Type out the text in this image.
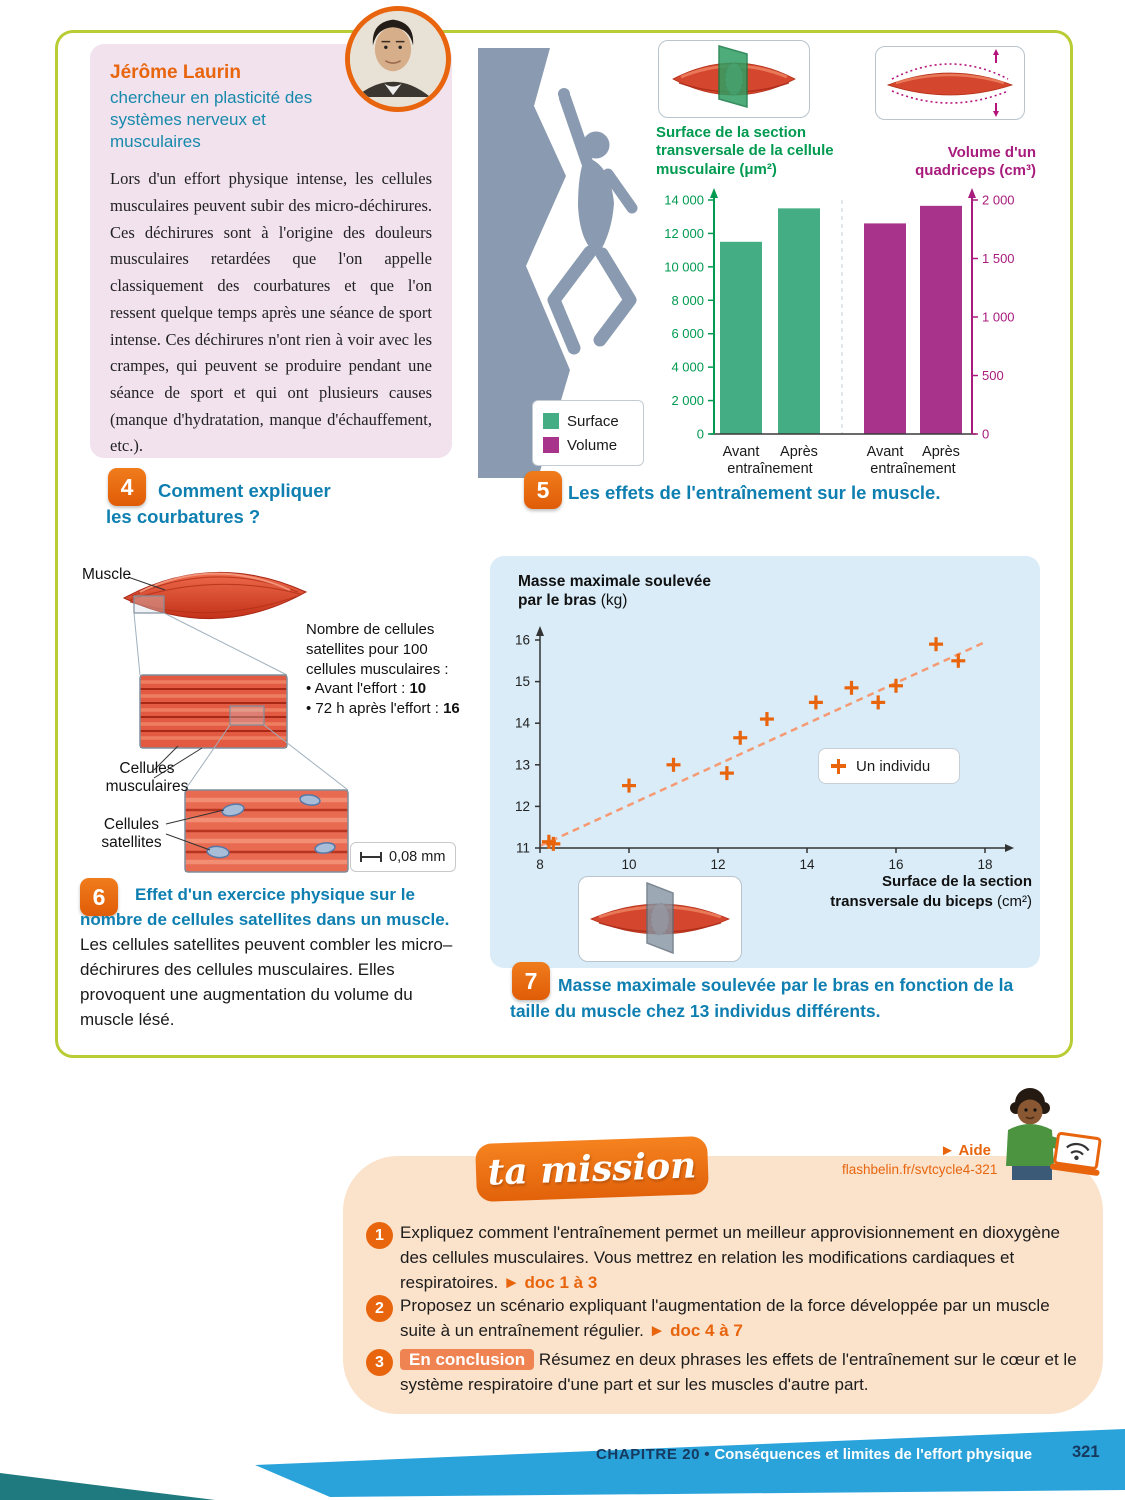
Jérôme Laurin
chercheur en plasticité des systèmes nerveux et musculaires

Lors d'un effort physique intense, les cellules musculaires peuvent subir des micro-déchirures. Ces déchirures sont à l'origine des douleurs musculaires retardées que l'on appelle classiquement des courbatures et que l'on ressent quelque temps après une séance de sport intense. Ces déchirures n'ont rien à voir avec les crampes, qui peuvent se produire pendant une séance de sport et qui ont plusieurs causes (manque d'hydratation, manque d'échauffement, etc.).

4	Comment expliquer les courbatures ?

Surface de la section transversale de la cellule musculaire (μm²)
Volume d'un quadriceps (cm³)
0
2 000
4 000
6 000
8 000
10 000
12 000
14 000
0
500
1 000
1 500
2 000
Avant Après
entraînement
Avant Après
entraînement
Surface
Volume
5	Les effets de l'entraînement sur le muscle.

Masse maximale soulevée
par le bras (kg)
8	10	12	14	16	18
11
12
13
14
15
16
Un individu
Surface de la section
transversale du biceps (cm²)
7	Masse maximale soulevée par le bras en fonction de la taille du muscle chez 13 individus différents.

Muscle
Nombre de cellules
satellites pour 100
cellules musculaires :
• Avant l'effort : 10
• 72 h après l'effort : 16
Cellules
musculaires
Cellules
satellites
0,08 mm
6	Effet d'un exercice physique sur le nombre de cellules satellites dans un muscle. Les cellules satellites peuvent combler les micro–déchirures des cellules musculaires. Elles provoquent une augmentation du volume du muscle lésé.

ta mission	► Aide
flashbelin.fr/svtcycle4-321
1 Expliquez comment l'entraînement permet un meilleur approvisionnement en dioxygène des cellules musculaires. Vous mettrez en relation les modifications cardiaques et respiratoires. ► doc 1 à 3

2 Proposez un scénario expliquant l'augmentation de la force développée par un muscle suite à un entraînement régulier. ► doc 4 à 7

3	En conclusion Résumez en deux phrases les effets de l'entraînement sur le cœur et le système respiratoire d'une part et sur les muscles d'autre part.

CHAPITRE 20 • Conséquences et limites de l'effort physique 321
